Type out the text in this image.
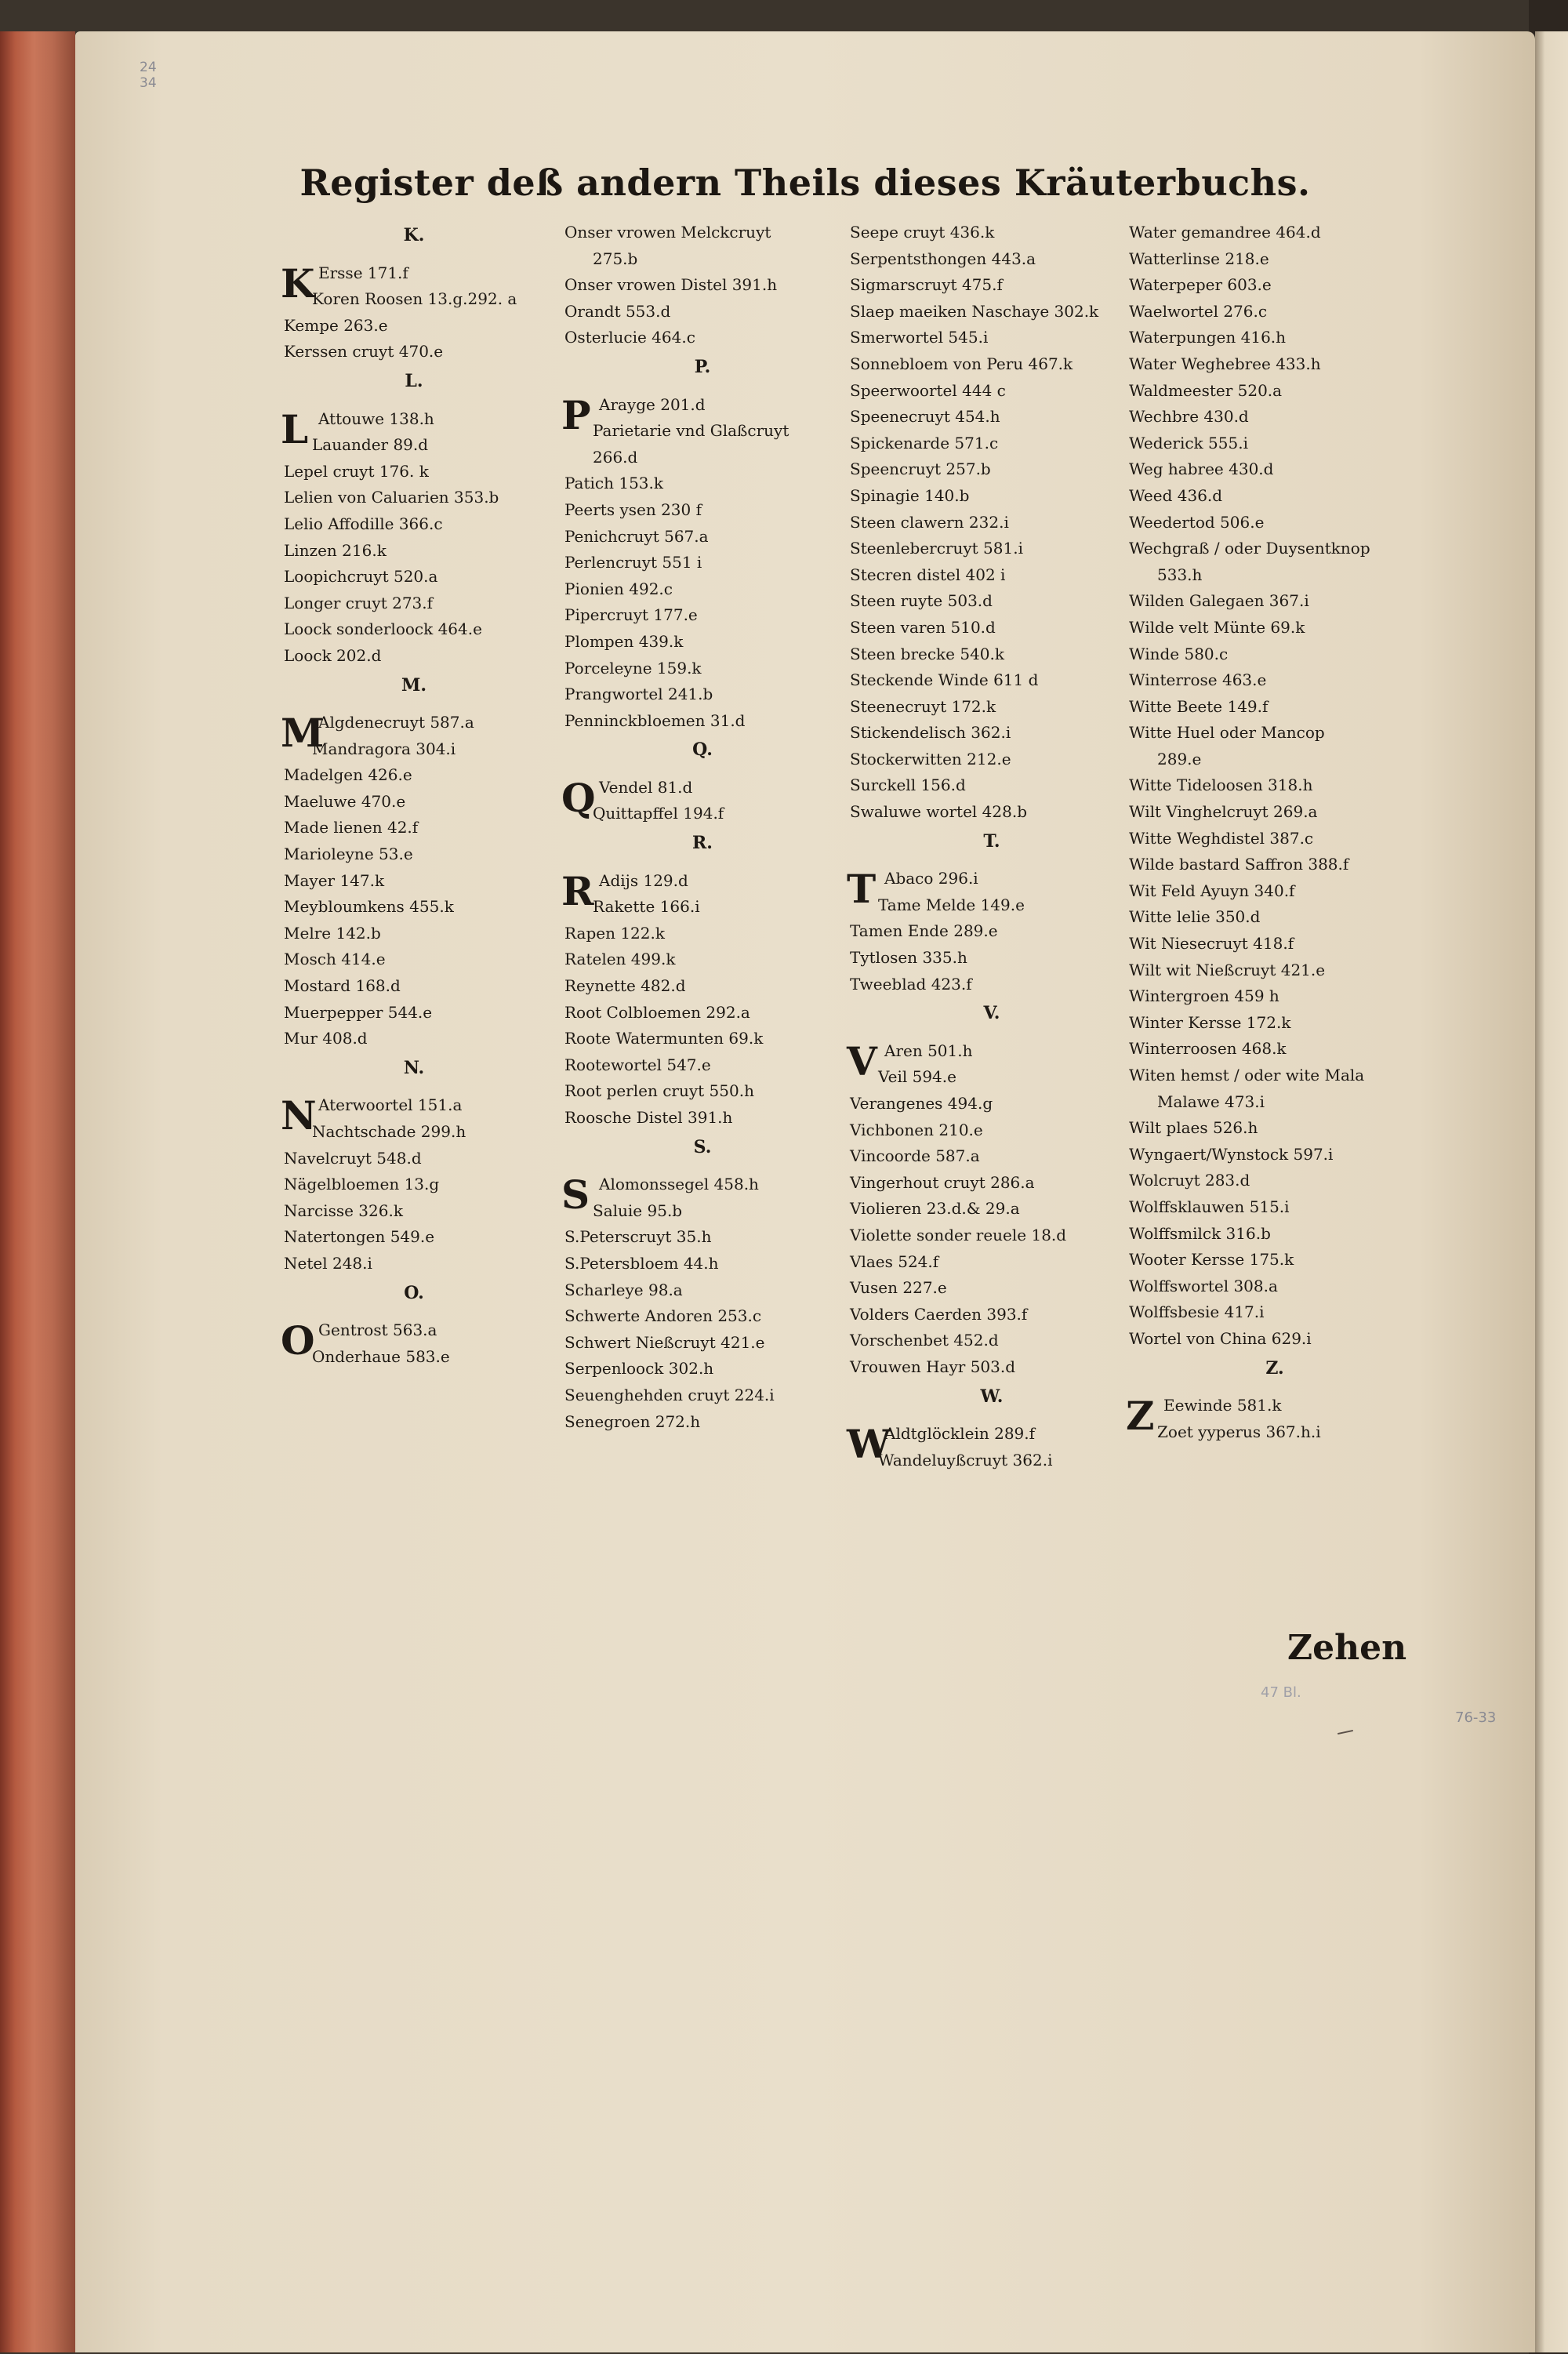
24
34
Register deß andern Theils dieses Kräuterbuchs.
K.
K Ersse 171.f
Koren Roosen 13.g.292. a
Kempe 263.e
Kerssen cruyt 470.e
L.
L Attouwe 138.h
Lauander 89.d
Lepel cruyt 176. k
Lelien von Caluarien 353.b
Lelio Affodille 366.c
Linzen 216.k
Loopichcruyt 520.a
Longer cruyt 273.f
Loock sonderloock 464.e
Loock 202.d
M.
M
Algdenecruyt 587.a
Mandragora 304.i
Madelgen 426.e
Maeluwe 470.e
Made lienen 42.f
Marioleyne 53.e
Mayer 147.k
Meybloumkens 455.k
Melre 142.b
Mosch 414.e
Mostard 168.d
Muerpepper 544.e
Mur 408.d
N.
N Aterwoortel 151.a
Nachtschade 299.h
Navelcruyt 548.d
Nägelbloemen 13.g
Narcisse 326.k
Natertongen 549.e
Netel 248.i
O.
O Gentrost 563.a
Onderhaue 583.e
Onser vrowen Melckcruyt
275.b
Onser vrowen Distel 391.h
Orandt 553.d
Osterlucie 464.c
P.
P Arayge 201.d
Parietarie vnd Glaßcruyt
266.d
Patich 153.k
Peerts ysen 230 f
Penichcruyt 567.a
Perlencruyt 551 i
Pionien 492.c
Pipercruyt 177.e
Plompen 439.k
Porceleyne 159.k
Prangwortel 241.b
Penninckbloemen 31.d
Q.
Q Vendel 81.d
Quittapffel 194.f
R.
R Adijs 129.d
Rakette 166.i
Rapen 122.k
Ratelen 499.k
Reynette 482.d
Root Colbloemen 292.a
Roote Watermunten 69.k
Rootewortel 547.e
Root perlen cruyt 550.h
Roosche Distel 391.h
S.
S Alomonssegel 458.h
Saluie 95.b
S.Peterscruyt 35.h
S.Petersbloem 44.h
Scharleye 98.a
Schwerte Andoren 253.c
Schwert Nießcruyt 421.e
Serpenloock 302.h
Seuenghehden cruyt 224.i
Senegroen 272.h
Seepe cruyt 436.k
Serpentsthongen 443.a
Sigmarscruyt 475.f
Slaep maeiken Naschaye 302.k
Smerwortel 545.i
Sonnebloem von Peru 467.k
Speerwoortel 444 c
Speenecruyt 454.h
Spickenarde 571.c
Speencruyt 257.b
Spinagie 140.b
Steen clawern 232.i
Steenlebercruyt 581.i
Stecren distel 402 i
Steen ruyte 503.d
Steen varen 510.d
Steen brecke 540.k
Steckende Winde 611 d
Steenecruyt 172.k
Stickendelisch 362.i
Stockerwitten 212.e
Surckell 156.d
Swaluwe wortel 428.b
T.
T Abaco 296.i
Tame Melde 149.e
Tamen Ende 289.e
Tytlosen 335.h
Tweeblad 423.f
V.
V Aren 501.h
Veil 594.e
Verangenes 494.g
Vichbonen 210.e
Vincoorde 587.a
Vingerhout cruyt 286.a
Violieren 23.d.& 29.a
Violette sonder reuele 18.d
Vlaes 524.f
Vusen 227.e
Volders Caerden 393.f
Vorschenbet 452.d
Vrouwen Hayr 503.d
W.
W
Aldtglöcklein 289.f
Wandeluyßcruyt 362.i
Water gemandree 464.d
Watterlinse 218.e
Waterpeper 603.e
Waelwortel 276.c
Waterpungen 416.h
Water Weghebree 433.h
Waldmeester 520.a
Wechbre 430.d
Wederick 555.i
Weg habree 430.d
Weed 436.d
Weedertod 506.e
Wechgraß / oder Duysentknop
533.h
Wilden Galegaen 367.i
Wilde velt Münte 69.k
Winde 580.c
Winterrose 463.e
Witte Beete 149.f
Witte Huel oder Mancop
289.e
Witte Tideloosen 318.h
Wilt Vinghelcruyt 269.a
Witte Weghdistel 387.c
Wilde bastard Saffron 388.f
Wit Feld Ayuyn 340.f
Witte lelie 350.d
Wit Niesecruyt 418.f
Wilt wit Nießcruyt 421.e
Wintergroen 459 h
Winter Kersse 172.k
Winterroosen 468.k
Witen hemst / oder wite Mala
Malawe 473.i
Wilt plaes 526.h
Wyngaert/Wynstock 597.i
Wolcruyt 283.d
Wolffsklauwen 515.i
Wolffsmilck 316.b
Wooter Kersse 175.k
Wolffswortel 308.a
Wolffsbesie 417.i
Wortel von China 629.i
Z.
Z Eewinde 581.k
Zoet yyperus 367.h.i
Zehen
47 Bl.
76-33
